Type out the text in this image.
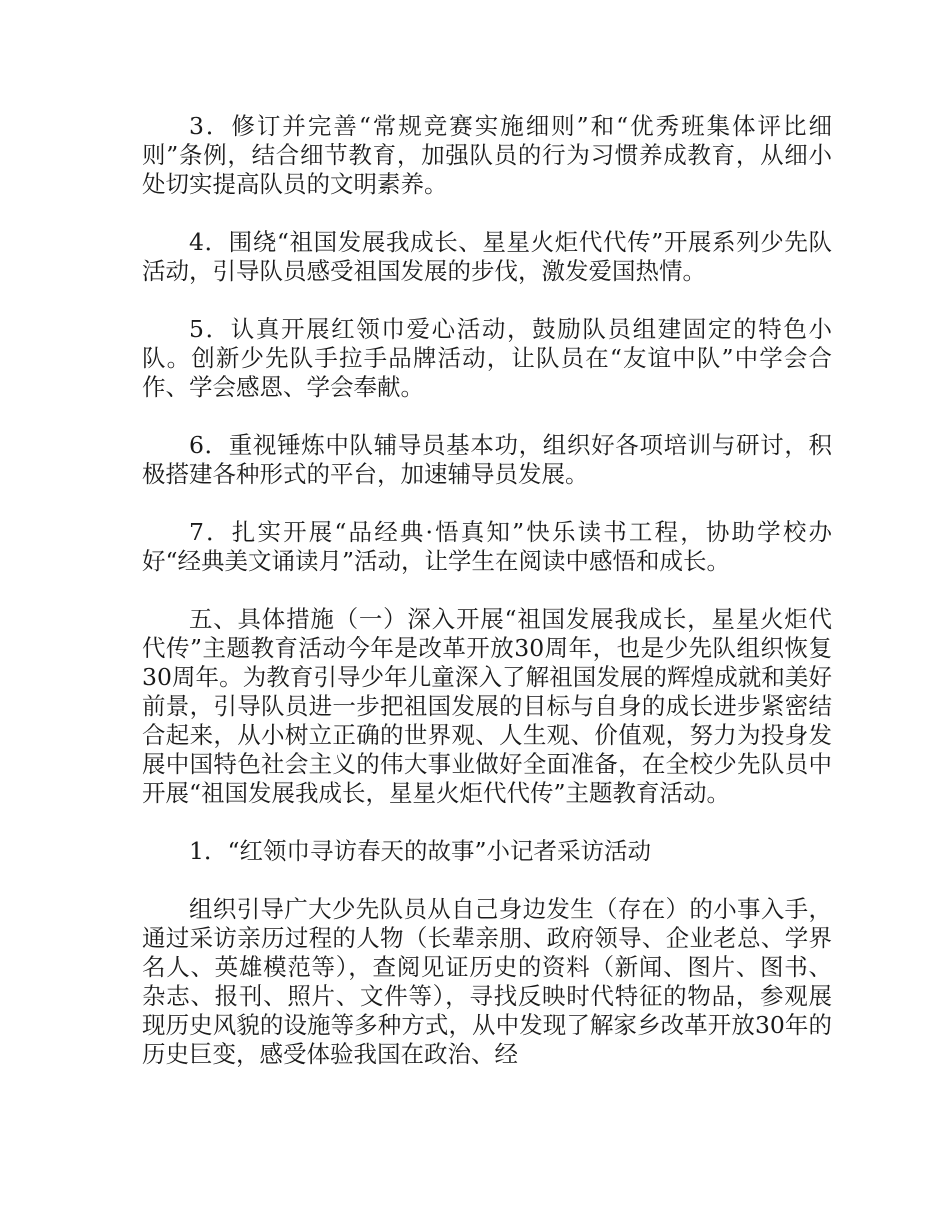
3．修订并完善“常规竞赛实施细则”和“优秀班集体评比细则”条例，结合细节教育，加强队员的行为习惯养成教育，从细小处切实提高队员的文明素养。

4．围绕“祖国发展我成长、星星火炬代代传”开展系列少先队活动，引导队员感受祖国发展的步伐，激发爱国热情。

5．认真开展红领巾爱心活动，鼓励队员组建固定的特色小队。创新少先队手拉手品牌活动，让队员在“友谊中队”中学会合作、学会感恩、学会奉献。

6．重视锤炼中队辅导员基本功，组织好各项培训与研讨，积极搭建各种形式的平台，加速辅导员发展。

7．扎实开展“品经典·悟真知”快乐读书工程，协助学校办好“经典美文诵读月”活动，让学生在阅读中感悟和成长。

五、具体措施（一）深入开展“祖国发展我成长，星星火炬代代传”主题教育活动今年是改革开放30周年，也是少先队组织恢复30周年。为教育引导少年儿童深入了解祖国发展的辉煌成就和美好前景，引导队员进一步把祖国发展的目标与自身的成长进步紧密结合起来，从小树立正确的世界观、人生观、价值观，努力为投身发展中国特色社会主义的伟大事业做好全面准备，在全校少先队员中开展“祖国发展我成长，星星火炬代代传”主题教育活动。

1．“红领巾寻访春天的故事”小记者采访活动

组织引导广大少先队员从自己身边发生（存在）的小事入手，通过采访亲历过程的人物（长辈亲朋、政府领导、企业老总、学界名人、英雄模范等），查阅见证历史的资料（新闻、图片、图书、杂志、报刊、照片、文件等），寻找反映时代特征的物品，参观展现历史风貌的设施等多种方式，从中发现了解家乡改革开放30年的历史巨变，感受体验我国在政治、经
